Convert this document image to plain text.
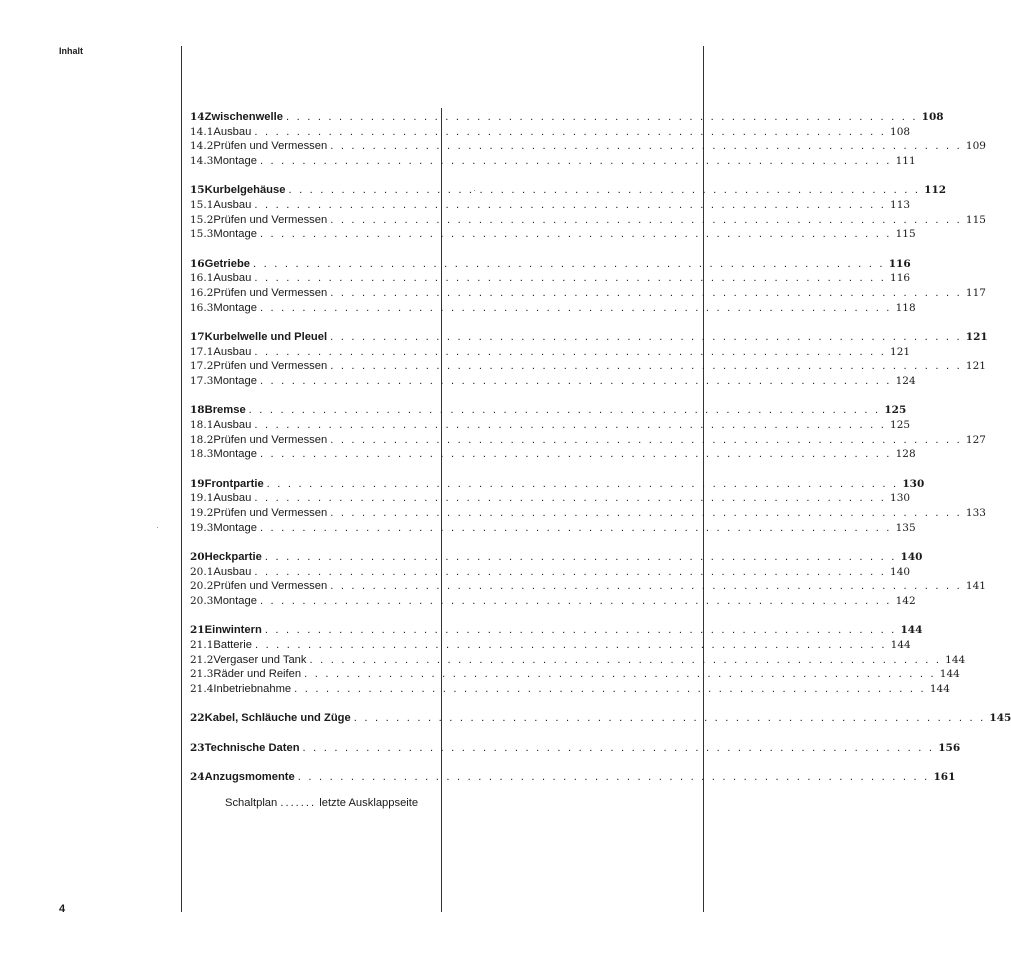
Inhalt
14 Zwischenwelle . . . . . . . . . . . . . . . . . . . . . . . . . . . . . . . . . . . . . . . . . . . . . . . . . . . . . . . . . . . . 108
14.1 Ausbau . . . . . . . . . . . . . . . . . . . . . . . . . . . . . . . . . . . . . . . . . . . . . . . . . . . . . . . . . . . . 108
14.2 Prüfen und Vermessen . . . . . . . . . . . . . . . . . . . . . . . . . . . . . . . . . . . . . . . . . . . . . . . . . . . . . . . . . . . . 109
14.3 Montage . . . . . . . . . . . . . . . . . . . . . . . . . . . . . . . . . . . . . . . . . . . . . . . . . . . . . . . . . . . . 111
15 Kurbelgehäuse . . . . . . . . . . . . . . . . . . . . . . . . . . . . . . . . . . . . . . . . . . . . . . . . . . . . . . . . . . . . 112
15.1 Ausbau . . . . . . . . . . . . . . . . . . . . . . . . . . . . . . . . . . . . . . . . . . . . . . . . . . . . . . . . . . . . 113
15.2 Prüfen und Vermessen . . . . . . . . . . . . . . . . . . . . . . . . . . . . . . . . . . . . . . . . . . . . . . . . . . . . . . . . . . . . 115
15.3 Montage . . . . . . . . . . . . . . . . . . . . . . . . . . . . . . . . . . . . . . . . . . . . . . . . . . . . . . . . . . . . 115
16 Getriebe . . . . . . . . . . . . . . . . . . . . . . . . . . . . . . . . . . . . . . . . . . . . . . . . . . . . . . . . . . . . 116
16.1 Ausbau . . . . . . . . . . . . . . . . . . . . . . . . . . . . . . . . . . . . . . . . . . . . . . . . . . . . . . . . . . . . 116
16.2 Prüfen und Vermessen . . . . . . . . . . . . . . . . . . . . . . . . . . . . . . . . . . . . . . . . . . . . . . . . . . . . . . . . . . . . 117
16.3 Montage . . . . . . . . . . . . . . . . . . . . . . . . . . . . . . . . . . . . . . . . . . . . . . . . . . . . . . . . . . . . 118
17 Kurbelwelle und Pleuel . . . . . . . . . . . . . . . . . . . . . . . . . . . . . . . . . . . . . . . . . . . . . . . . . . . . . . . . . . . . 121
17.1 Ausbau . . . . . . . . . . . . . . . . . . . . . . . . . . . . . . . . . . . . . . . . . . . . . . . . . . . . . . . . . . . . 121
17.2 Prüfen und Vermessen . . . . . . . . . . . . . . . . . . . . . . . . . . . . . . . . . . . . . . . . . . . . . . . . . . . . . . . . . . . . 121
17.3 Montage . . . . . . . . . . . . . . . . . . . . . . . . . . . . . . . . . . . . . . . . . . . . . . . . . . . . . . . . . . . . 124
18 Bremse . . . . . . . . . . . . . . . . . . . . . . . . . . . . . . . . . . . . . . . . . . . . . . . . . . . . . . . . . . . . 125
18.1 Ausbau . . . . . . . . . . . . . . . . . . . . . . . . . . . . . . . . . . . . . . . . . . . . . . . . . . . . . . . . . . . . 125
18.2 Prüfen und Vermessen . . . . . . . . . . . . . . . . . . . . . . . . . . . . . . . . . . . . . . . . . . . . . . . . . . . . . . . . . . . . 127
18.3 Montage . . . . . . . . . . . . . . . . . . . . . . . . . . . . . . . . . . . . . . . . . . . . . . . . . . . . . . . . . . . . 128
19 Frontpartie . . . . . . . . . . . . . . . . . . . . . . . . . . . . . . . . . . . . . . . . . . . . . . . . . . . . . . . . . . . . 130
19.1 Ausbau . . . . . . . . . . . . . . . . . . . . . . . . . . . . . . . . . . . . . . . . . . . . . . . . . . . . . . . . . . . . 130
19.2 Prüfen und Vermessen . . . . . . . . . . . . . . . . . . . . . . . . . . . . . . . . . . . . . . . . . . . . . . . . . . . . . . . . . . . . 133
19.3 Montage . . . . . . . . . . . . . . . . . . . . . . . . . . . . . . . . . . . . . . . . . . . . . . . . . . . . . . . . . . . . 135
20 Heckpartie . . . . . . . . . . . . . . . . . . . . . . . . . . . . . . . . . . . . . . . . . . . . . . . . . . . . . . . . . . . . 140
20.1 Ausbau . . . . . . . . . . . . . . . . . . . . . . . . . . . . . . . . . . . . . . . . . . . . . . . . . . . . . . . . . . . . 140
20.2 Prüfen und Vermessen . . . . . . . . . . . . . . . . . . . . . . . . . . . . . . . . . . . . . . . . . . . . . . . . . . . . . . . . . . . . 141
20.3 Montage . . . . . . . . . . . . . . . . . . . . . . . . . . . . . . . . . . . . . . . . . . . . . . . . . . . . . . . . . . . . 142
21 Einwintern . . . . . . . . . . . . . . . . . . . . . . . . . . . . . . . . . . . . . . . . . . . . . . . . . . . . . . . . . . . . 144
21.1 Batterie . . . . . . . . . . . . . . . . . . . . . . . . . . . . . . . . . . . . . . . . . . . . . . . . . . . . . . . . . . . . 144
21.2 Vergaser und Tank . . . . . . . . . . . . . . . . . . . . . . . . . . . . . . . . . . . . . . . . . . . . . . . . . . . . . . . . . . . . 144
21.3 Räder und Reifen . . . . . . . . . . . . . . . . . . . . . . . . . . . . . . . . . . . . . . . . . . . . . . . . . . . . . . . . . . . . 144
21.4 Inbetriebnahme . . . . . . . . . . . . . . . . . . . . . . . . . . . . . . . . . . . . . . . . . . . . . . . . . . . . . . . . . . . . 144
22 Kabel, Schläuche und Züge . . . . . . . . . . . . . . . . . . . . . . . . . . . . . . . . . . . . . . . . . . . . . . . . . . . . . . . . . . . . 145
23 Technische Daten . . . . . . . . . . . . . . . . . . . . . . . . . . . . . . . . . . . . . . . . . . . . . . . . . . . . . . . . . . . . 156
24 Anzugsmomente . . . . . . . . . . . . . . . . . . . . . . . . . . . . . . . . . . . . . . . . . . . . . . . . . . . . . . . . . . . . 161
Schaltplan ....... letzte Ausklappseite
4
